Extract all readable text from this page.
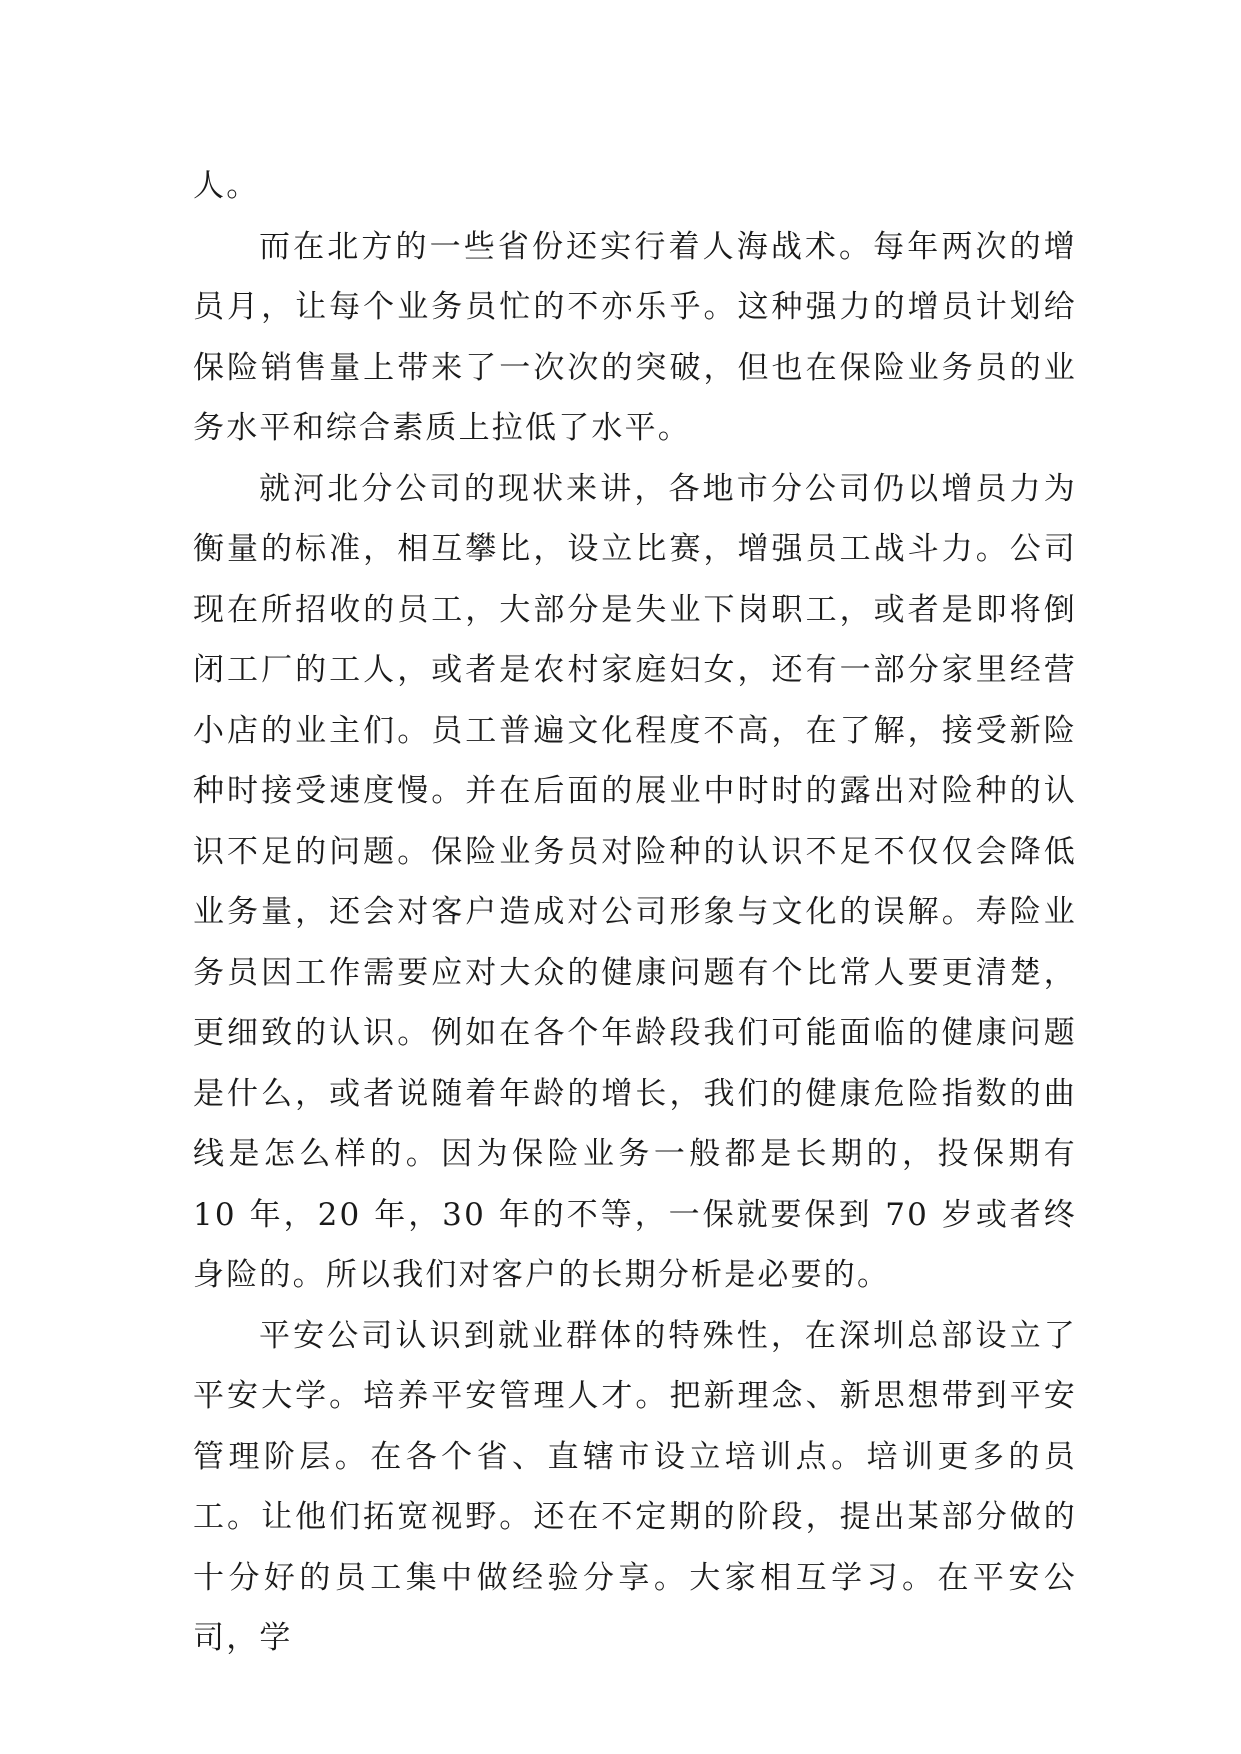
人。

而在北方的一些省份还实行着人海战术。每年两次的增员月，让每个业务员忙的不亦乐乎。这种强力的增员计划给保险销售量上带来了一次次的突破，但也在保险业务员的业务水平和综合素质上拉低了水平。

就河北分公司的现状来讲，各地市分公司仍以增员力为衡量的标准，相互攀比，设立比赛，增强员工战斗力。公司现在所招收的员工，大部分是失业下岗职工，或者是即将倒闭工厂的工人，或者是农村家庭妇女，还有一部分家里经营小店的业主们。员工普遍文化程度不高，在了解，接受新险种时接受速度慢。并在后面的展业中时时的露出对险种的认识不足的问题。保险业务员对险种的认识不足不仅仅会降低业务量，还会对客户造成对公司形象与文化的误解。寿险业务员因工作需要应对大众的健康问题有个比常人要更清楚，更细致的认识。例如在各个年龄段我们可能面临的健康问题是什么，或者说随着年龄的增长，我们的健康危险指数的曲线是怎么样的。因为保险业务一般都是长期的，投保期有 10 年，20 年，30 年的不等，一保就要保到 70 岁或者终身险的。所以我们对客户的长期分析是必要的。

平安公司认识到就业群体的特殊性，在深圳总部设立了平安大学。培养平安管理人才。把新理念、新思想带到平安管理阶层。在各个省、直辖市设立培训点。培训更多的员工。让他们拓宽视野。还在不定期的阶段，提出某部分做的十分好的员工集中做经验分享。大家相互学习。在平安公司，学
